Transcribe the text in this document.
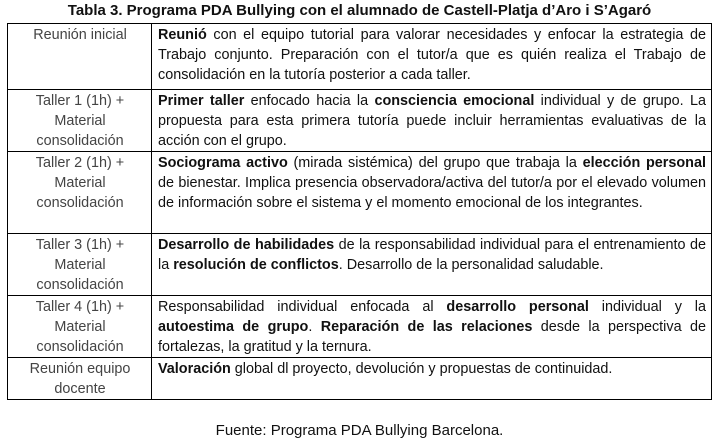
Tabla 3. Programa PDA Bullying con el alumnado de Castell-Platja d’Aro i S’Agaró
Reunión inicial	Reunió con el equipo tutorial para valorar necesidades y enfocar la estrategia de Trabajo conjunto. Preparación con el tutor/a que es quién realiza el Trabajo de consolidación en la tutoría posterior a cada taller.
Taller 1 (1h) + Material consolidación	Primer taller enfocado hacia la consciencia emocional individual y de grupo. La propuesta para esta primera tutoría puede incluir herramientas evaluativas de la acción con el grupo.
Taller 2 (1h) + Material consolidación	Sociograma activo (mirada sistémica) del grupo que trabaja la elección personal de bienestar. Implica presencia observadora/activa del tutor/a por el elevado volumen de información sobre el sistema y el momento emocional de los integrantes.
Taller 3 (1h) + Material consolidación	Desarrollo de habilidades de la responsabilidad individual para el entrenamiento de la resolución de conflictos. Desarrollo de la personalidad saludable.
Taller 4 (1h) + Material consolidación	Responsabilidad individual enfocada al desarrollo personal individual y la autoestima de grupo. Reparación de las relaciones desde la perspectiva de fortalezas, la gratitud y la ternura.
Reunión equipo docente	Valoración global dl proyecto, devolución y propuestas de continuidad.
Fuente: Programa PDA Bullying Barcelona.
